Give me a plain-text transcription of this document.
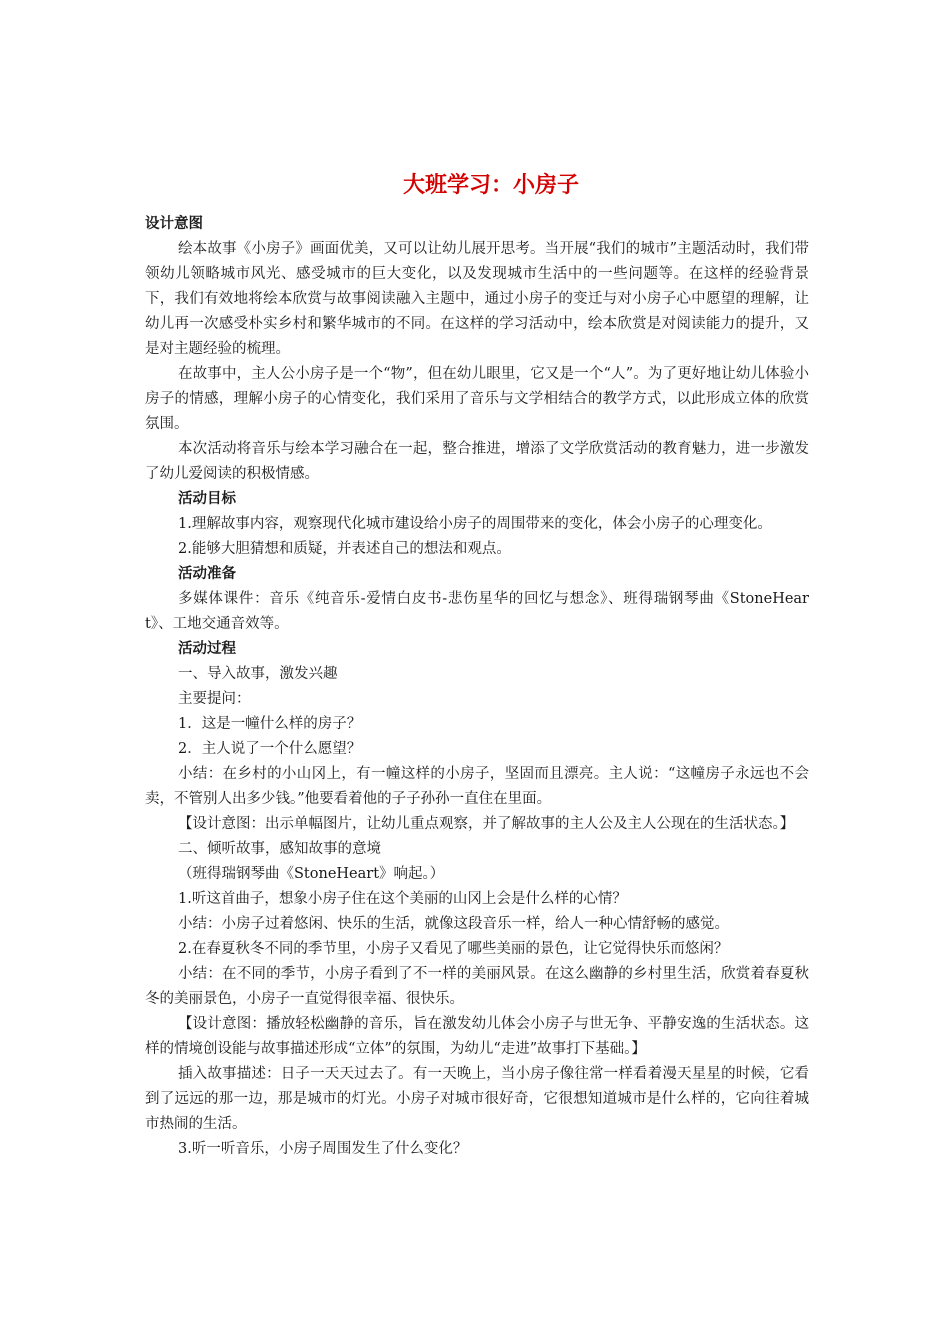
大班学习：小房子
设计意图
绘本故事《小房子》画面优美，又可以让幼儿展开思考。当开展“我们的城市”主题活动时，我们带领幼儿领略城市风光、感受城市的巨大变化，以及发现城市生活中的一些问题等。在这样的经验背景下，我们有效地将绘本欣赏与故事阅读融入主题中，通过小房子的变迁与对小房子心中愿望的理解，让幼儿再一次感受朴实乡村和繁华城市的不同。在这样的学习活动中，绘本欣赏是对阅读能力的提升，又是对主题经验的梳理。
在故事中，主人公小房子是一个“物”，但在幼儿眼里，它又是一个“人”。为了更好地让幼儿体验小房子的情感，理解小房子的心情变化，我们采用了音乐与文学相结合的教学方式，以此形成立体的欣赏氛围。
本次活动将音乐与绘本学习融合在一起，整合推进，增添了文学欣赏活动的教育魅力，进一步激发了幼儿爱阅读的积极情感。
活动目标
1.理解故事内容，观察现代化城市建设给小房子的周围带来的变化，体会小房子的心理变化。
2.能够大胆猜想和质疑，并表述自己的想法和观点。
活动准备
多媒体课件：音乐《纯音乐-爱情白皮书-悲伤星华的回忆与想念》、班得瑞钢琴曲《StoneHeart》、工地交通音效等。
活动过程
一、导入故事，激发兴趣
主要提问：
1．这是一幢什么样的房子？
2．主人说了一个什么愿望？
小结：在乡村的小山冈上，有一幢这样的小房子，坚固而且漂亮。主人说：“这幢房子永远也不会卖，不管别人出多少钱。”他要看着他的子子孙孙一直住在里面。
【设计意图：出示单幅图片，让幼儿重点观察，并了解故事的主人公及主人公现在的生活状态。】
二、倾听故事，感知故事的意境
（班得瑞钢琴曲《StoneHeart》响起。）
1.听这首曲子，想象小房子住在这个美丽的山冈上会是什么样的心情？
小结：小房子过着悠闲、快乐的生活，就像这段音乐一样，给人一种心情舒畅的感觉。
2.在春夏秋冬不同的季节里，小房子又看见了哪些美丽的景色，让它觉得快乐而悠闲？
小结：在不同的季节，小房子看到了不一样的美丽风景。在这么幽静的乡村里生活，欣赏着春夏秋冬的美丽景色，小房子一直觉得很幸福、很快乐。
【设计意图：播放轻松幽静的音乐，旨在激发幼儿体会小房子与世无争、平静安逸的生活状态。这样的情境创设能与故事描述形成“立体”的氛围，为幼儿“走进”故事打下基础。】
插入故事描述：日子一天天过去了。有一天晚上，当小房子像往常一样看着漫天星星的时候，它看到了远远的那一边，那是城市的灯光。小房子对城市很好奇，它很想知道城市是什么样的，它向往着城市热闹的生活。
3.听一听音乐，小房子周围发生了什么变化？
